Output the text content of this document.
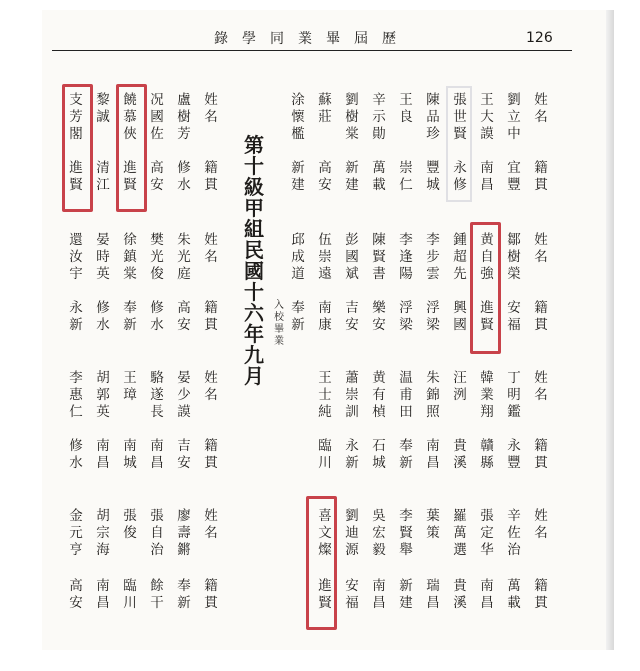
錄學同業畢屆歷	126
第十級甲組民國十六年九月
入校畢業
姓名
籍貫
盧樹芳
修水
况國佐
高安
饒慕俠
進賢
黎誠
清江
支芳閣
進賢
姓名
籍貫
劉立中
宜豐
王大謨
南昌
張世賢
永修
陳品珍
豐城
王良
崇仁
辛示勛
萬載
劉樹棠
新建
蘇莊
高安
涂懷檻
新建
姓名
籍貫
朱光庭
高安
樊光俊
修水
徐鎮棠
奉新
晏時英
修水
還汝宇
永新
姓名
籍貫
鄒樹榮
安福
黄自強
進賢
鍾超先
興國
李步雲
浮梁
李逢陽
浮梁
陳賢書
樂安
彭國斌
吉安
伍崇遠
南康
邱成道
奉新
姓名
籍貫
晏少謨
吉安
駱遂長
南昌
王璋
南城
胡郭英
南昌
李惠仁
修水
姓名
籍貫
丁明鑑
永豐
韓業翔
贛縣
汪洌
貴溪
朱錦照
南昌
温甫田
奉新
黄有楨
石城
蕭崇訓
永新
王士純
臨川
姓名
籍貫
廖壽鏘
奉新
張自治
餘干
張俊
臨川
胡宗海
南昌
金元亨
高安
姓名
籍貫
辛佐治
萬載
張定华
南昌
羅萬選
貴溪
葉策
瑞昌
李賢舉
新建
吳宏毅
南昌
劉迪源
安福
喜文燦
進賢
